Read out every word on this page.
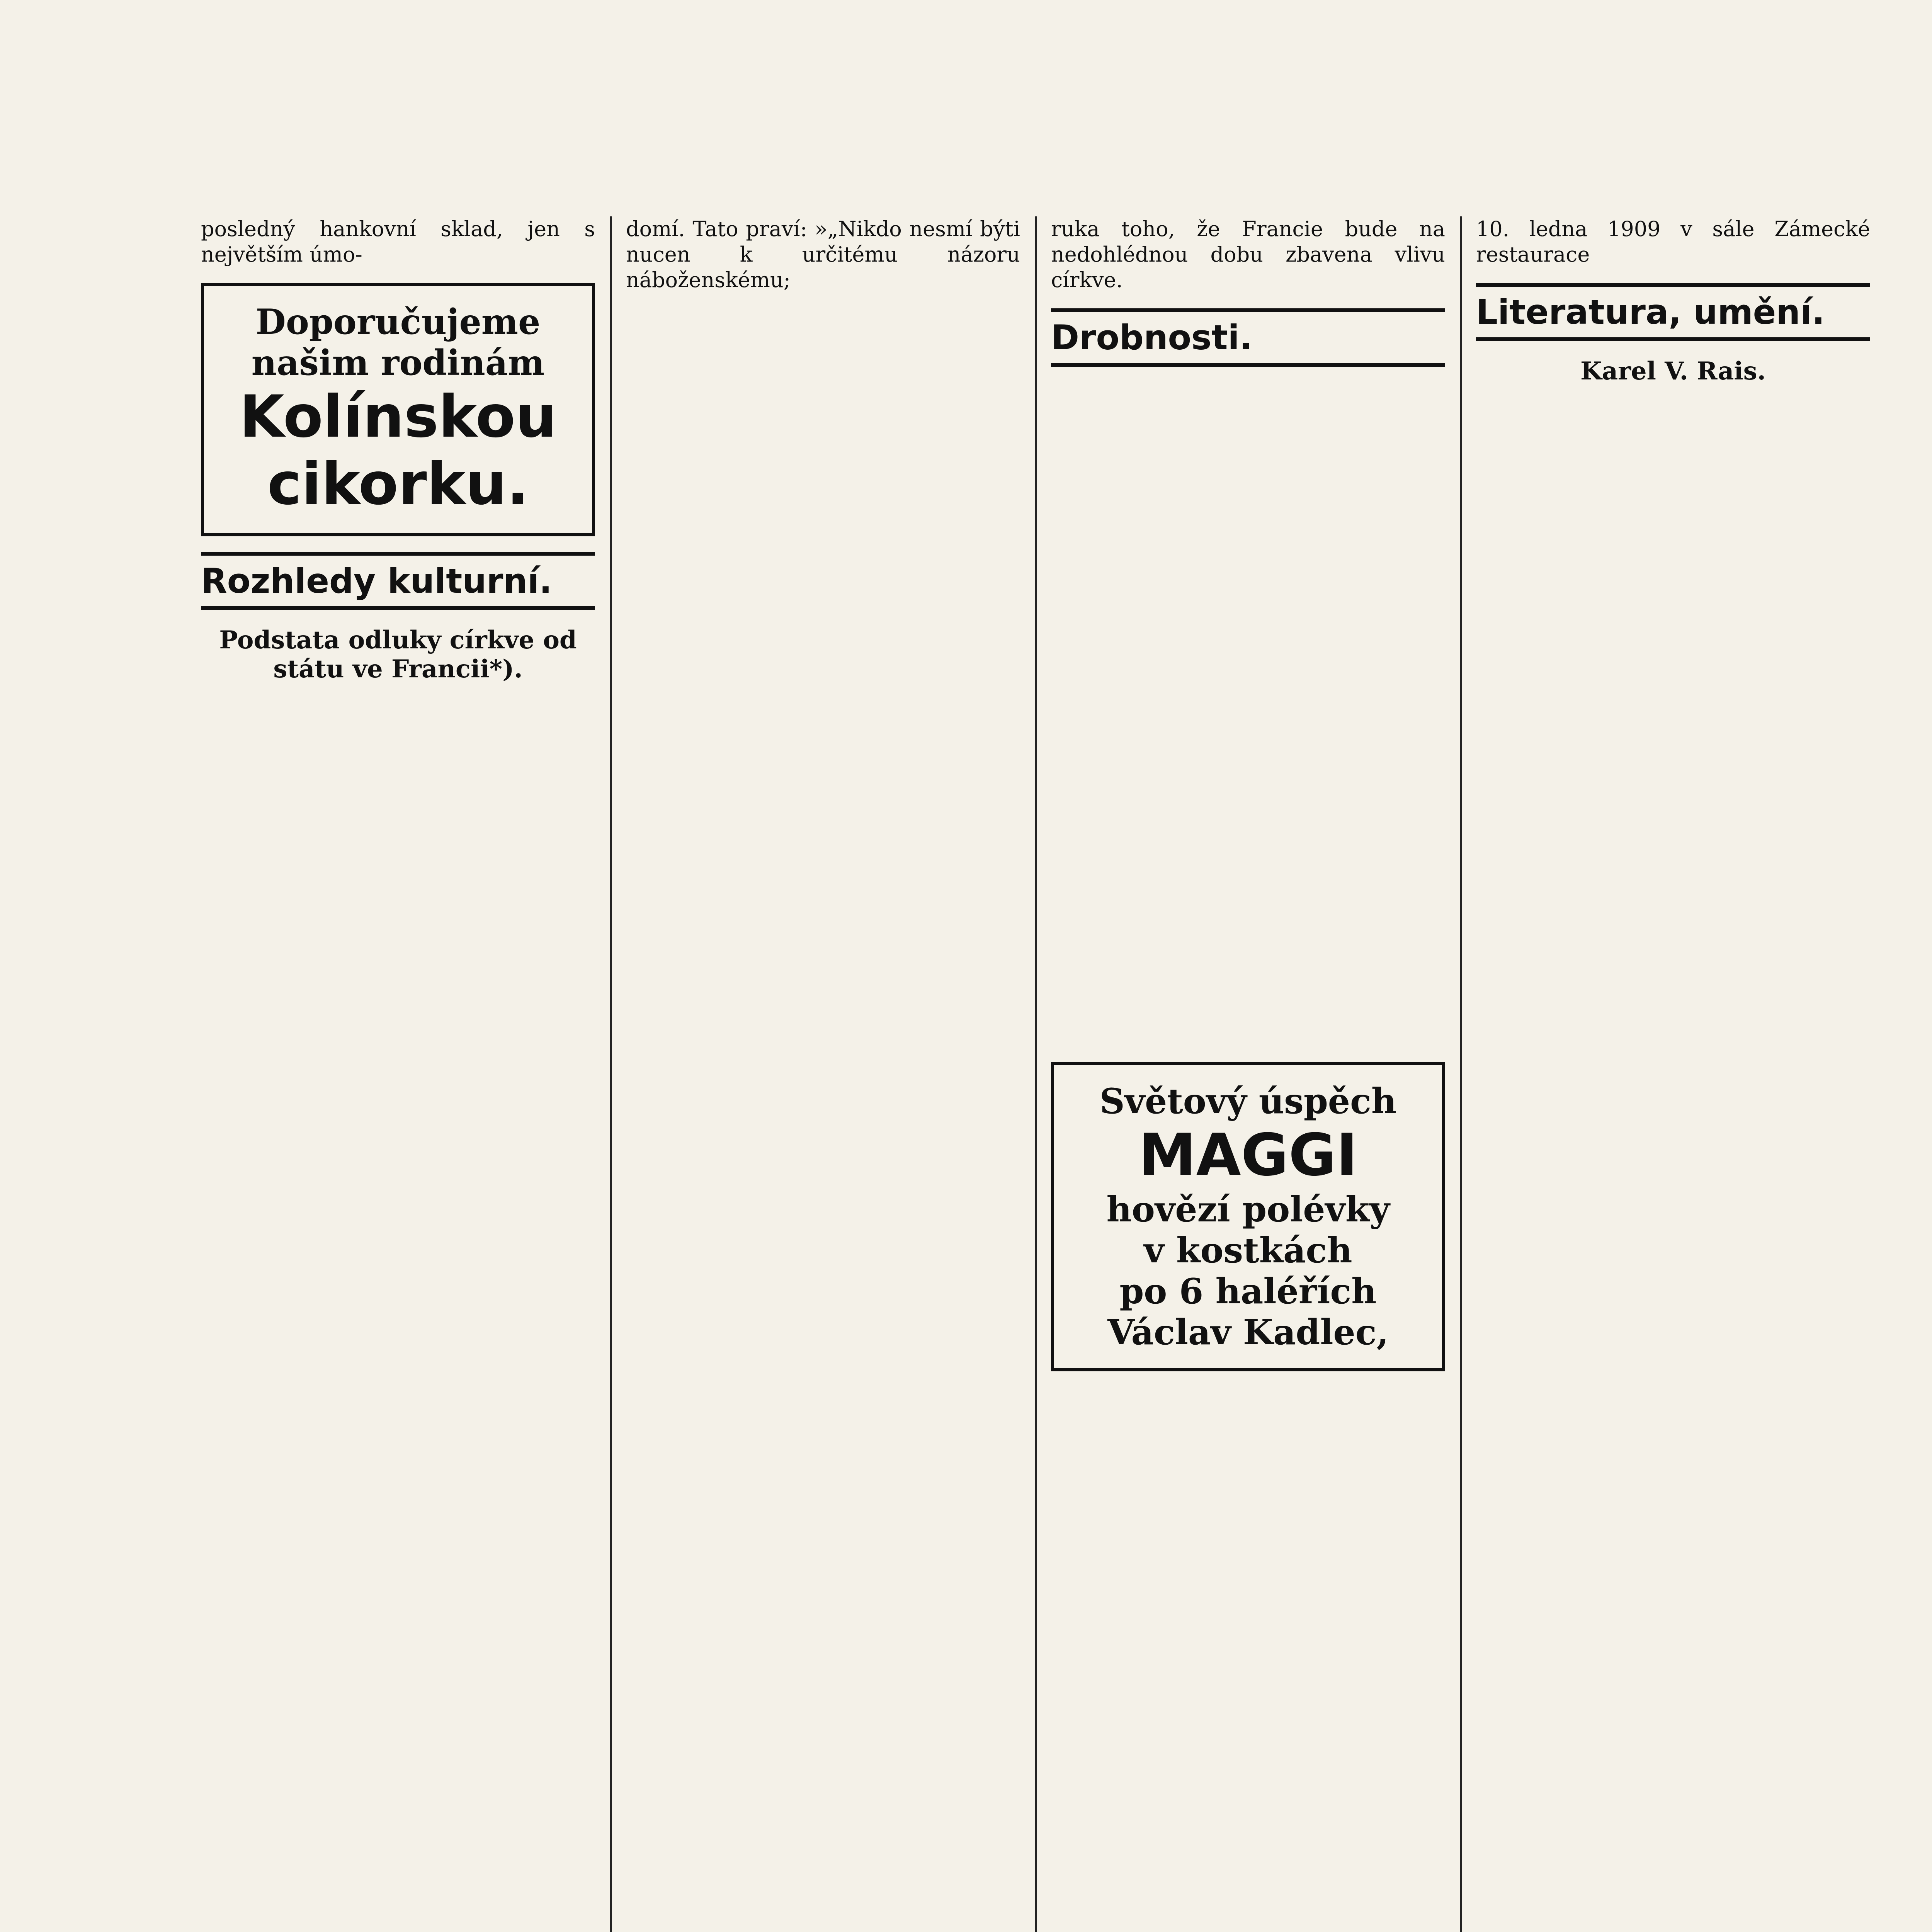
posledný hankovní sklad, jen s největším úmo-

Doporučujeme našim rodinám
Kolínskou cikorku.
Rozhledy kulturní.
Podstata odluky církve od státu ve Francii*).

domí. Tato praví: »„Nikdo nesmí býti nucen k určitému názoru náboženskému;

ruka toho, že Francie bude na nedohlédnou dobu zbavena vlivu církve.

Drobnosti.
Světový úspěch
MAGGI
hovězí polévky
v kostkách
po 6 haléřích
Václav Kadlec,

10. ledna 1909 v sále Zámecké restaurace

Literatura, umění.
Karel V. Rais.
